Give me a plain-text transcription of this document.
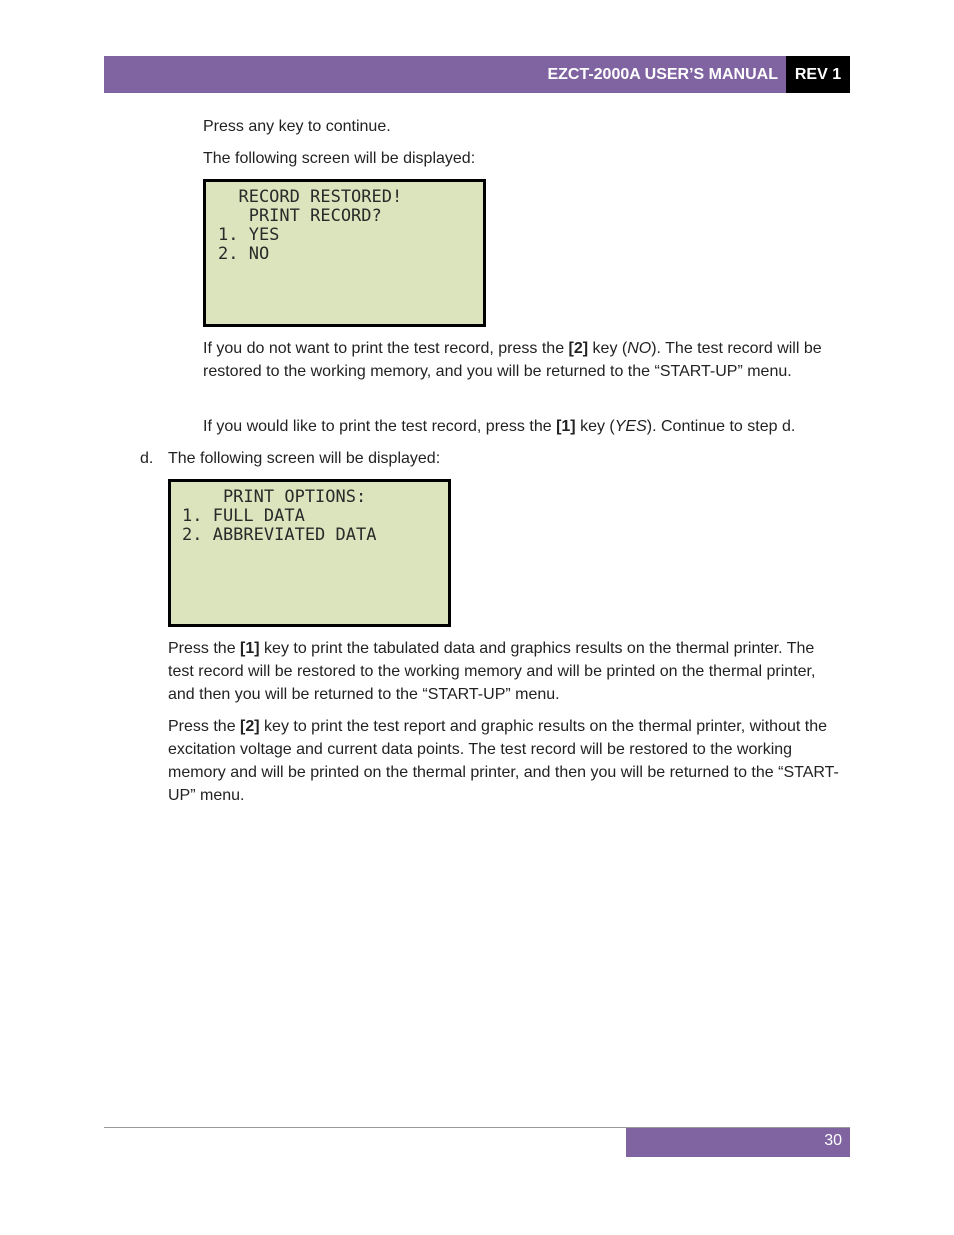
EZCT-2000A USER’S MANUAL	REV 1

Press any key to continue.

The following screen will be displayed:

RECORD RESTORED!

PRINT RECORD?

1. YES

2. NO

If you do not want to print the test record, press the [2] key (NO). The test record will be restored to the working memory, and you will be returned to the “START-UP” menu.

If you would like to print the test record, press the [1] key (YES). Continue to step d.

d. The following screen will be displayed:

PRINT OPTIONS:

1. FULL DATA

2. ABBREVIATED DATA

Press the [1] key to print the tabulated data and graphics results on the thermal printer. The test record will be restored to the working memory and will be printed on the thermal printer, and then you will be returned to the “START-UP” menu.

Press the [2] key to print the test report and graphic results on the thermal printer, without the excitation voltage and current data points. The test record will be restored to the working memory and will be printed on the thermal printer, and then you will be returned to the “START-UP” menu.

30
